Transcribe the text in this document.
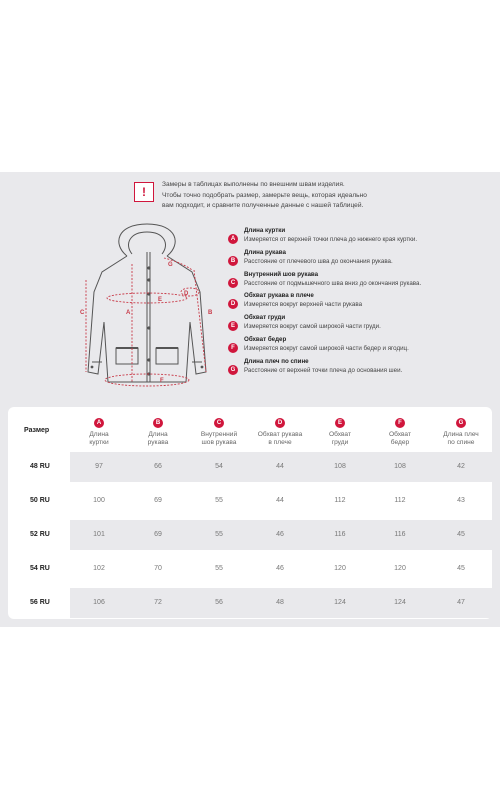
!
Замеры в таблицах выполнены по внешним швам изделия.
Чтобы точно подобрать размер, замерьте вещь, которая идеально
вам подходит, и сравните полученные данные с нашей таблицей.
A	B
C
D
E
F
G
A
Длина куртки
Измеряется от верхней точки плеча до нижнего края куртки.
B
Длина рукава
Расстояние от плечевого шва до окончания рукава.
C
Внутренний шов рукава
Расстояние от подмышечного шва вниз до окончания рукава.
D
Обхват рукава в плече
Измеряется вокруг верхней части рукава
E
Обхват груди
Измеряется вокруг самой широкой части груди.
F
Обхват бедер
Измеряется вокруг самой широкой части бедер и ягодиц.
G
Длина плеч по спине
Расстояние от верхней точки плеча до основания шеи.
Размер
A
Длина
куртки
B
Длина
рукава
C
Внутренний
шов рукава
D
Обхват рукава
в плече
E
Обхват
груди
F
Обхват
бедер
G
Длина плеч
по спине
48 RU	97	66	54	44	108	108	42
50 RU	100	69	55	44	112	112	43
52 RU	101	69	55	46	116	116	45
54 RU	102	70	55	46	120	120	45
56 RU	106	72	56	48	124	124	47
